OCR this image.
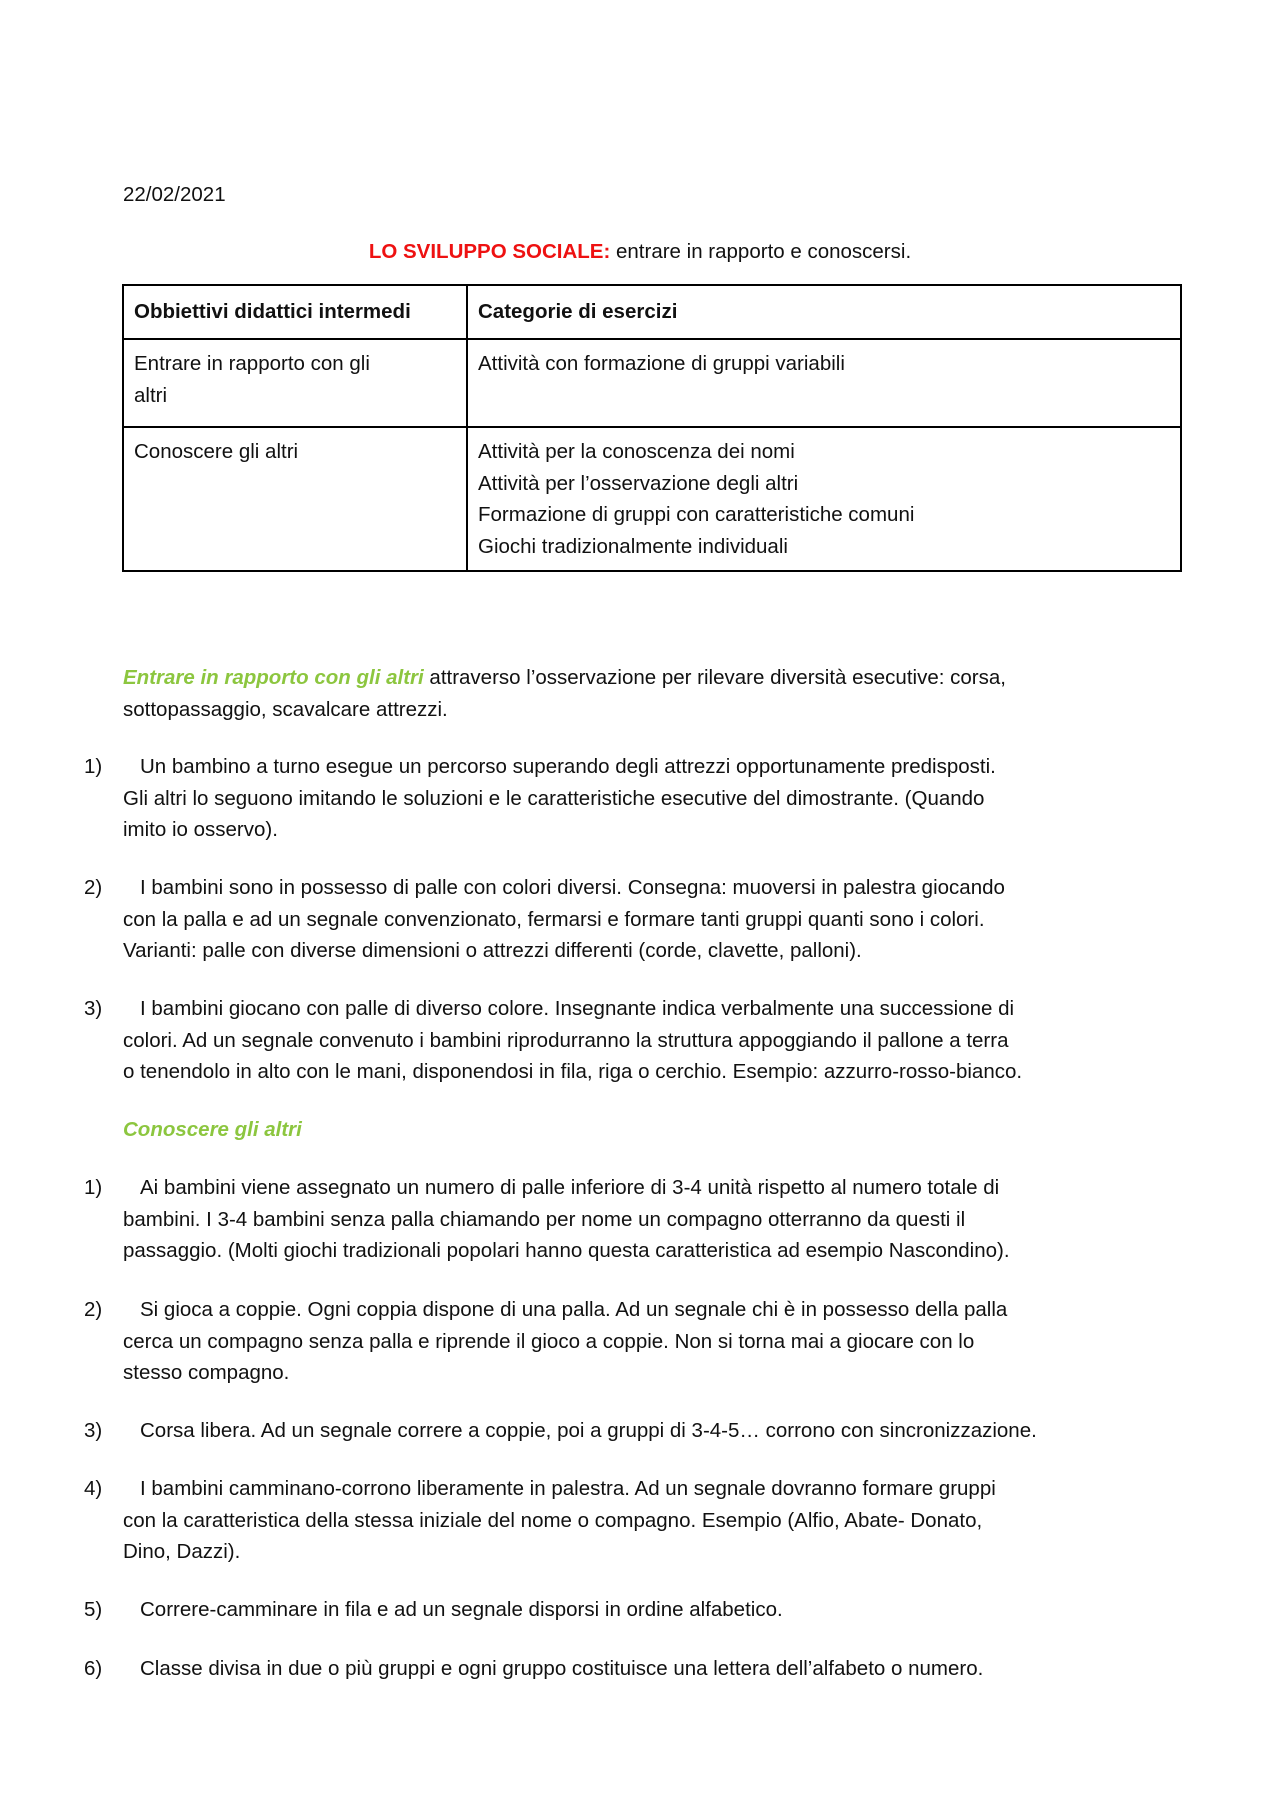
22/02/2021
LO SVILUPPO SOCIALE: entrare in rapporto e conoscersi.
Obbiettivi didattici intermedi	Categorie di esercizi

Entrare in rapporto con gli
altri	Attività con formazione di gruppi variabili

Conoscere gli altri	Attività per la conoscenza dei nomi
Attività per l’osservazione degli altri
Formazione di gruppi con caratteristiche comuni
Giochi tradizionalmente individuali
Entrare in rapporto con gli altri attraverso l’osservazione per rilevare diversità esecutive: corsa,
sottopassaggio, scavalcare attrezzi.
Conoscere gli altri
1)	Un bambino a turno esegue un percorso superando degli attrezzi opportunamente predisposti.
Gli altri lo seguono imitando le soluzioni e le caratteristiche esecutive del dimostrante. (Quando
imito io osservo).
2)	I bambini sono in possesso di palle con colori diversi. Consegna: muoversi in palestra giocando
con la palla e ad un segnale convenzionato, fermarsi e formare tanti gruppi quanti sono i colori.
Varianti: palle con diverse dimensioni o attrezzi differenti (corde, clavette, palloni).
3)	I bambini giocano con palle di diverso colore. Insegnante indica verbalmente una successione di
colori. Ad un segnale convenuto i bambini riprodurranno la struttura appoggiando il pallone a terra
o tenendolo in alto con le mani, disponendosi in fila, riga o cerchio. Esempio: azzurro-rosso-bianco.
1)	Ai bambini viene assegnato un numero di palle inferiore di 3-4 unità rispetto al numero totale di
bambini. I 3-4 bambini senza palla chiamando per nome un compagno otterranno da questi il
passaggio. (Molti giochi tradizionali popolari hanno questa caratteristica ad esempio Nascondino).
2)	Si gioca a coppie. Ogni coppia dispone di una palla. Ad un segnale chi è in possesso della palla
cerca un compagno senza palla e riprende il gioco a coppie. Non si torna mai a giocare con lo
stesso compagno.
3)	Corsa libera. Ad un segnale correre a coppie, poi a gruppi di 3-4-5… corrono con sincronizzazione.
4)	I bambini camminano-corrono liberamente in palestra. Ad un segnale dovranno formare gruppi
con la caratteristica della stessa iniziale del nome o compagno. Esempio (Alfio, Abate- Donato,
Dino, Dazzi).
5)	Correre-camminare in fila e ad un segnale disporsi in ordine alfabetico.
6)	Classe divisa in due o più gruppi e ogni gruppo costituisce una lettera dell’alfabeto o numero.
